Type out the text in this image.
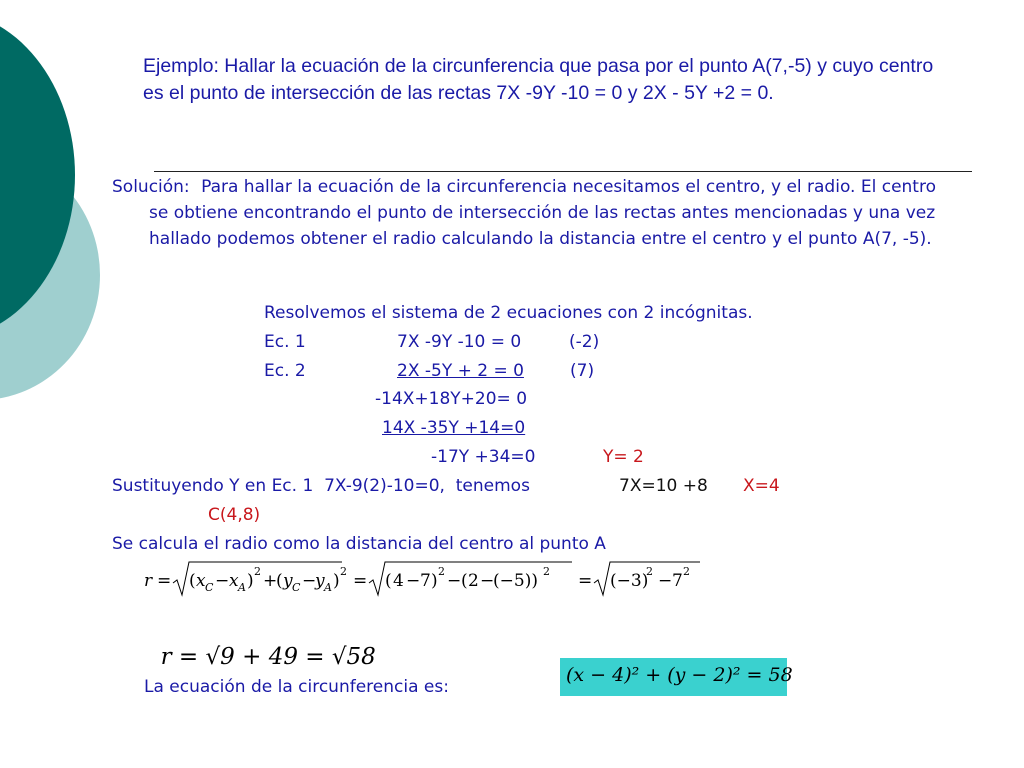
Ejemplo: Hallar la ecuación de la circunferencia que pasa por el punto A(7,-5) y cuyo centro es el punto de intersección de las rectas 7X -9Y -10 = 0 y 2X - 5Y +2 = 0.
Solución: Para hallar la ecuación de la circunferencia necesitamos el centro, y el radio. El centro se obtiene encontrando el punto de intersección de las rectas antes mencionadas y una vez hallado podemos obtener el radio calculando la distancia entre el centro y el punto A(7, -5).
Resolvemos el sistema de 2 ecuaciones con 2 incógnitas.
Ec. 1	7X -9Y -10 = 0	(-2)
Ec. 2	2X -5Y + 2 = 0	(7)
-14X+18Y+20= 0
14X -35Y +14=0
-17Y +34=0	Y= 2
Sustituyendo Y en Ec. 1  7X-9(2)-10=0,  tenemos	7X=10 +8 X=4
C(4,8)
Se calcula el radio como la distancia del centro al punto A
r = ( x C − x A ) 2 +
( y C −
y A ) 2 = ( 4 − 7 ) 2 − ( 2 −
(−5)) 2 = (−3)
2 − 7 2

r = √9 + 49 = √58

La ecuación de la circunferencia es:
(x − 4)² + (y − 2)² = 58
